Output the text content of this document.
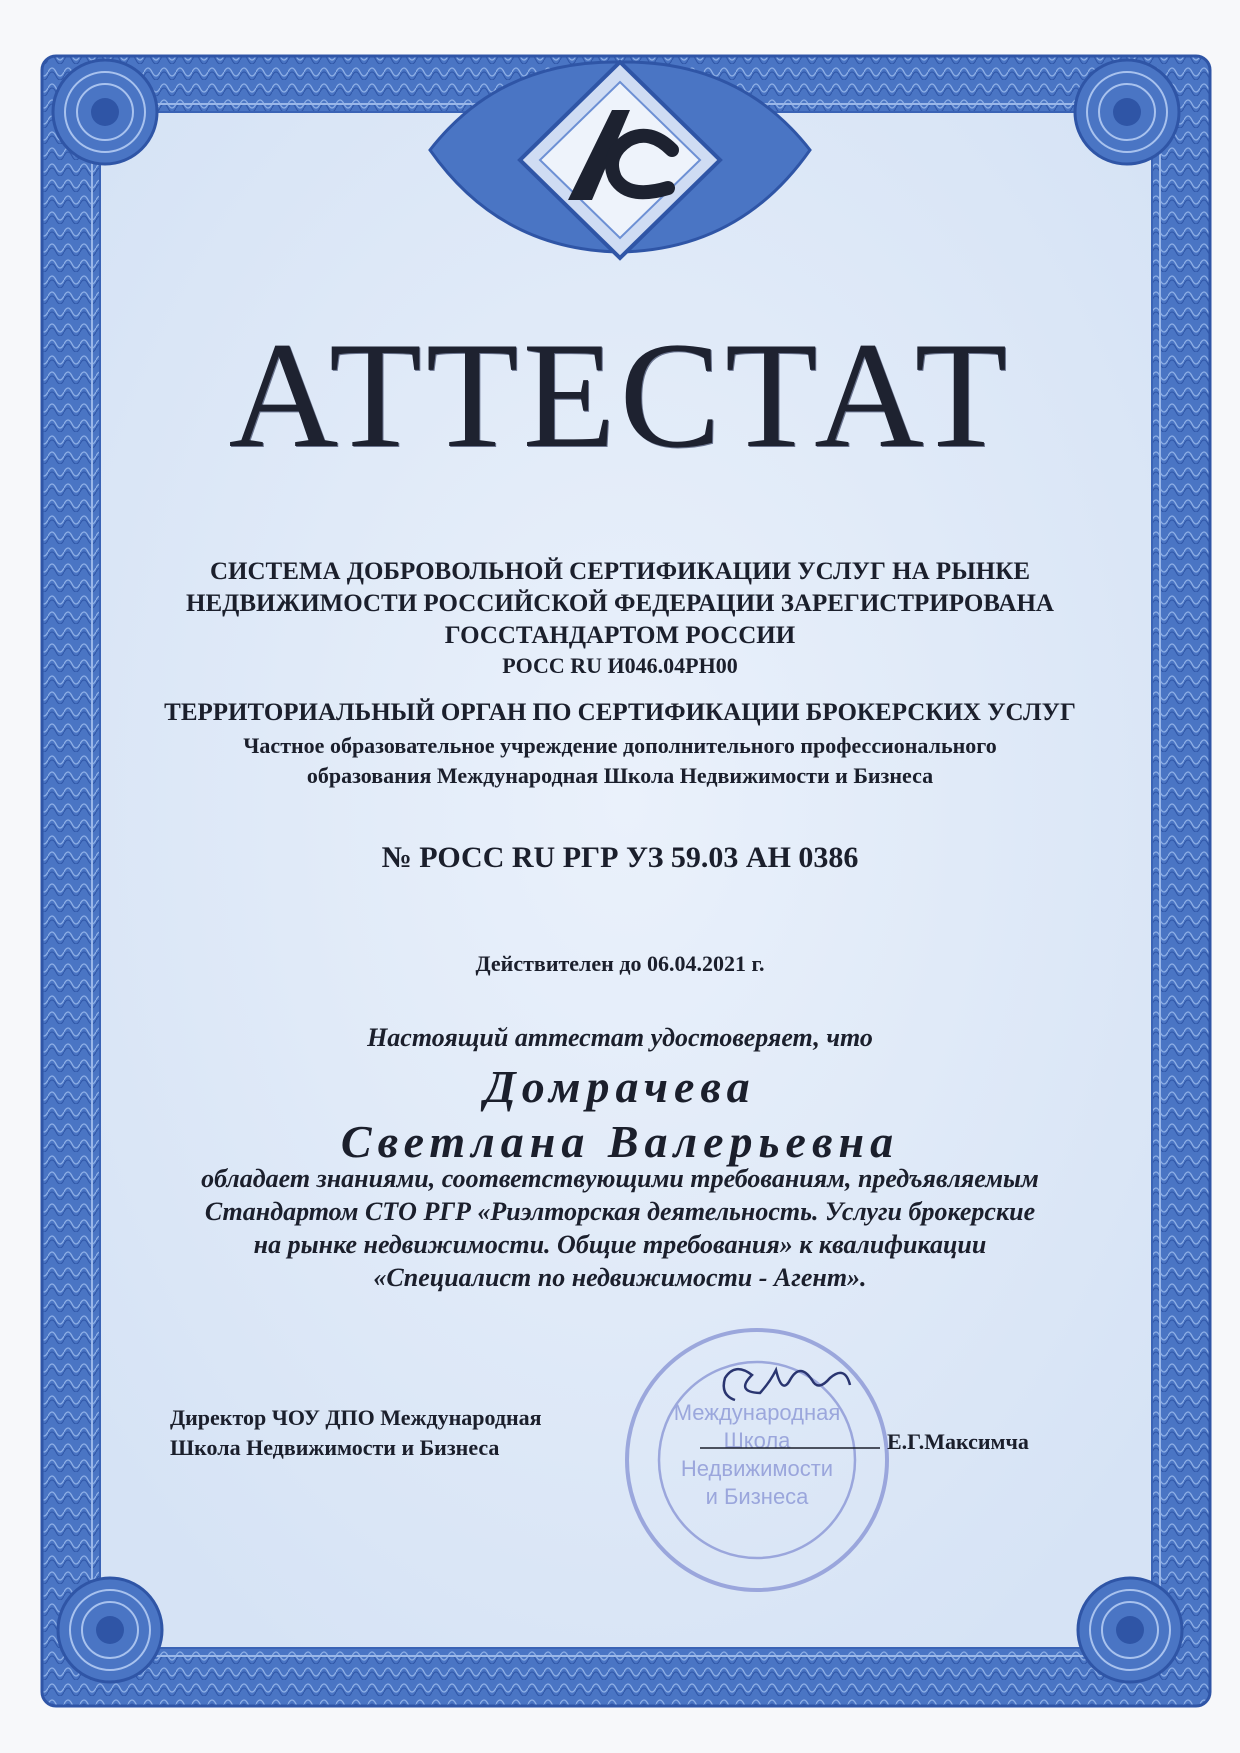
Международная
Школа
Недвижимости
и Бизнеса
АТТЕСТАТ
СИСТЕМА ДОБРОВОЛЬНОЙ СЕРТИФИКАЦИИ УСЛУГ НА РЫНКЕ
НЕДВИЖИМОСТИ РОССИЙСКОЙ ФЕДЕРАЦИИ ЗАРЕГИСТРИРОВАНА
ГОССТАНДАРТОМ РОССИИ
РОСС RU И046.04РН00
ТЕРРИТОРИАЛЬНЫЙ ОРГАН ПО СЕРТИФИКАЦИИ БРОКЕРСКИХ УСЛУГ
Частное образовательное учреждение дополнительного профессионального
образования Международная Школа Недвижимости и Бизнеса
№ РОСС RU РГР УЗ 59.03 АН 0386
Действителен до 06.04.2021 г.
Настоящий аттестат удостоверяет, что
Домрачева
Светлана Валерьевна
обладает знаниями, соответствующими требованиям, предъявляемым
Стандартом СТО РГР «Риэлторская деятельность. Услуги брокерские
на рынке недвижимости. Общие требования» к квалификации
«Специалист по недвижимости - Агент».
Директор ЧОУ ДПО Международная
Школа Недвижимости и Бизнеса	Е.Г.Максимча
